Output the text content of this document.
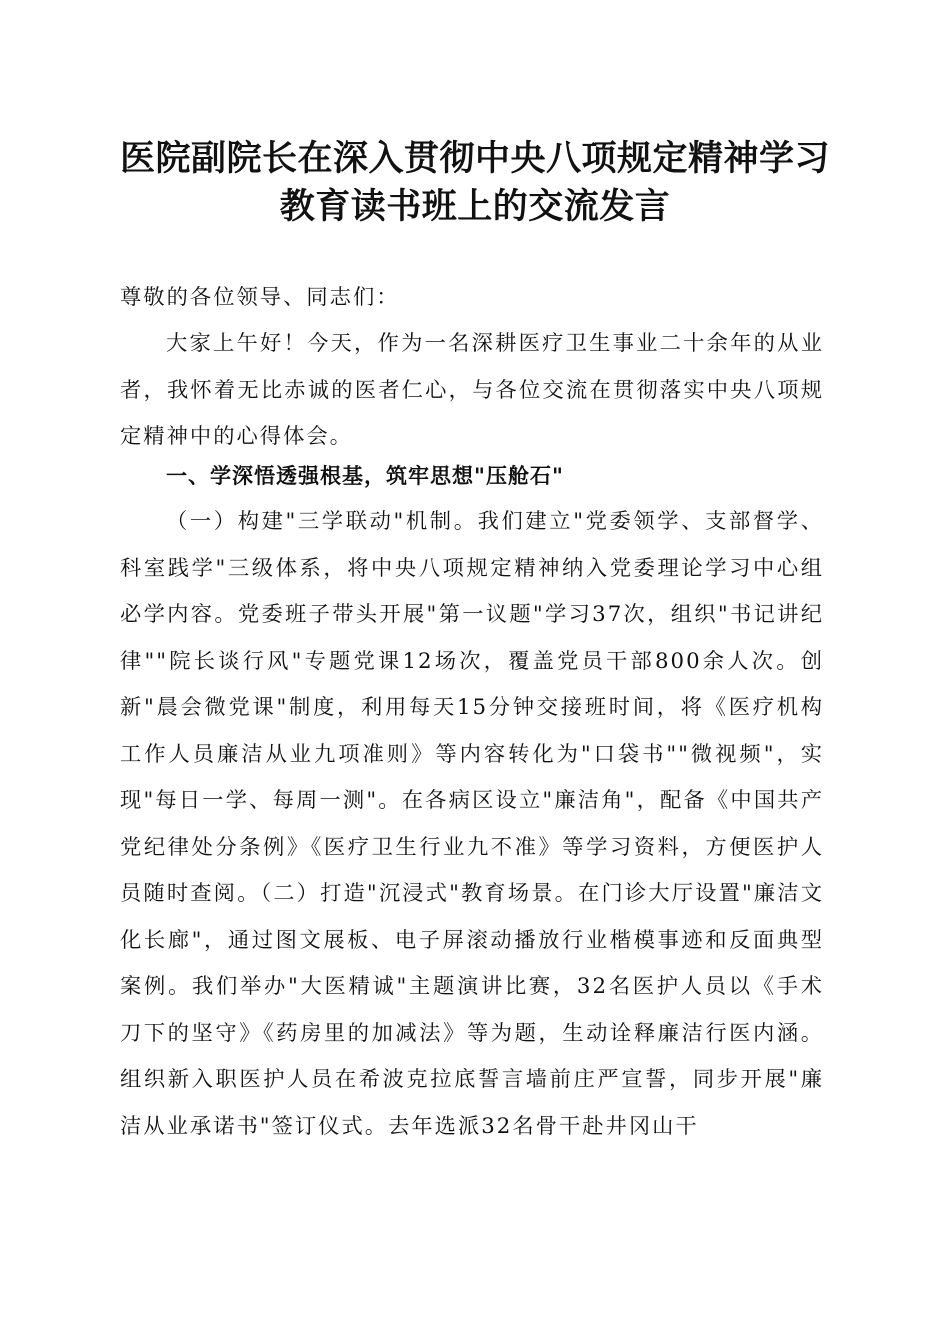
医院副院长在深入贯彻中央八项规定精神学习
教育读书班上的交流发言

尊敬的各位领导、同志们：

大家上午好！今天，作为一名深耕医疗卫生事业二十余年的从业者，我怀着无比赤诚的医者仁心，与各位交流在贯彻落实中央八项规定精神中的心得体会。

一、学深悟透强根基，筑牢思想"压舱石"

（一）构建"三学联动"机制。我们建立"党委领学、支部督学、科室践学"三级体系，将中央八项规定精神纳入党委理论学习中心组必学内容。党委班子带头开展"第一议题"学习37次，组织"书记讲纪律""院长谈行风"专题党课12场次，覆盖党员干部800余人次。创新"晨会微党课"制度，利用每天15分钟交接班时间，将《医疗机构工作人员廉洁从业九项准则》等内容转化为"口袋书""微视频"，实现"每日一学、每周一测"。在各病区设立"廉洁角"，配备《中国共产党纪律处分条例》《医疗卫生行业九不准》等学习资料，方便医护人员随时查阅。（二）打造"沉浸式"教育场景。在门诊大厅设置"廉洁文化长廊"，通过图文展板、电子屏滚动播放行业楷模事迹和反面典型案例。我们举办"大医精诚"主题演讲比赛，32名医护人员以《手术刀下的坚守》《药房里的加减法》等为题，生动诠释廉洁行医内涵。组织新入职医护人员在希波克拉底誓言墙前庄严宣誓，同步开展"廉洁从业承诺书"签订仪式。去年选派32名骨干赴井冈山干
